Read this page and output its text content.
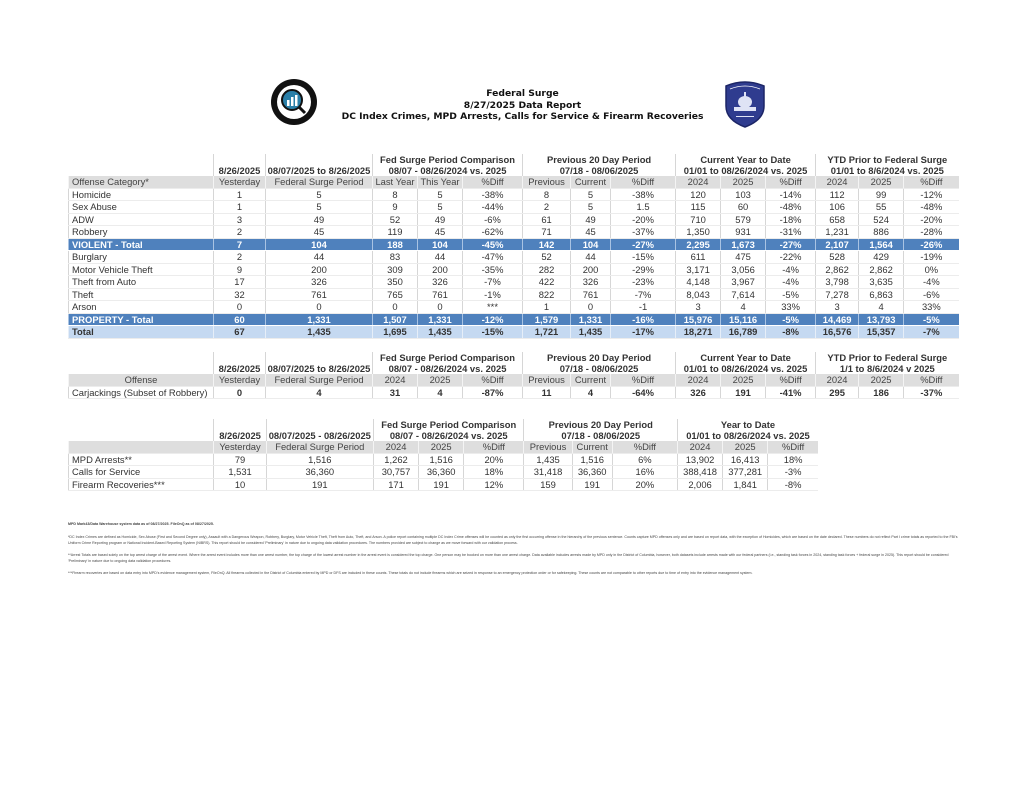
Federal Surge
8/27/2025 Data Report
DC Index Crimes, MPD Arrests, Calls for Service & Firearm Recoveries
			Fed Surge Period Comparison			Previous 20 Day Period			Current Year to Date			YTD Prior to Federal Surge		
	8/26/2025	08/07/2025 to 8/26/2025	08/07 - 08/26/2024 vs. 2025			07/18 - 08/06/2025			01/01 to 08/26/2024 vs. 2025			01/01 to 8/6/2024 vs. 2025		
Offense Category*	Yesterday	Federal Surge Period	Last Year	This Year	%Diff	Previous	Current	%Diff	2024	2025	%Diff	2024	2025	%Diff
Homicide	1	5	8	5	-38%	8	5	-38%	120	103	-14%	112	99	-12%
Sex Abuse	1	5	9	5	-44%	2	5	1.5	115	60	-48%	106	55	-48%
ADW	3	49	52	49	-6%	61	49	-20%	710	579	-18%	658	524	-20%
Robbery	2	45	119	45	-62%	71	45	-37%	1,350	931	-31%	1,231	886	-28%
VIOLENT - Total	7	104	188	104	-45%	142	104	-27%	2,295	1,673	-27%	2,107	1,564	-26%
Burglary	2	44	83	44	-47%	52	44	-15%	611	475	-22%	528	429	-19%
Motor Vehicle Theft	9	200	309	200	-35%	282	200	-29%	3,171	3,056	-4%	2,862	2,862	0%
Theft from Auto	17	326	350	326	-7%	422	326	-23%	4,148	3,967	-4%	3,798	3,635	-4%
Theft	32	761	765	761	-1%	822	761	-7%	8,043	7,614	-5%	7,278	6,863	-6%
Arson	0	0	0	0	***	1	0	-1	3	4	33%	3	4	33%
PROPERTY - Total	60	1,331	1,507	1,331	-12%	1,579	1,331	-16%	15,976	15,116	-5%	14,469	13,793	-5%
Total	67	1,435	1,695	1,435	-15%	1,721	1,435	-17%	18,271	16,789	-8%	16,576	15,357	-7%
			Fed Surge Period Comparison			Previous 20 Day Period			Current Year to Date			YTD Prior to Federal Surge		
	8/26/2025	08/07/2025 to 8/26/2025	08/07 - 08/26/2024 vs. 2025			07/18 - 08/06/2025			01/01 to 08/26/2024 vs. 2025			1/1 to 8/6/2024 v 2025		
Offense	Yesterday	Federal Surge Period	2024	2025	%Diff	Previous	Current	%Diff	2024	2025	%Diff	2024	2025	%Diff
Carjackings (Subset of Robbery)	0	4	31	4	-87%	11	4	-64%	326	191	-41%	295	186	-37%
			Fed Surge Period Comparison			Previous 20 Day Period			Year to Date		
	8/26/2025	08/07/2025 - 08/26/2025	08/07 - 08/26/2024 vs. 2025			07/18 - 08/06/2025			01/01 to 08/26/2024 vs. 2025		
	Yesterday	Federal Surge Period	2024	2025	%Diff	Previous	Current	%Diff	2024	2025	%Diff
MPD Arrests**	79	1,516	1,262	1,516	20%	1,435	1,516	6%	13,902	16,413	18%
Calls for Service	1,531	36,360	30,757	36,360	18%	31,418	36,360	16%	388,418	377,281	-3%
Firearm Recoveries***	10	191	171	191	12%	159	191	20%	2,006	1,841	-8%

MPD Mark43/Data Warehouse system data as of 08/27/2025. FileOnQ as of 08/27/2025.

*DC Index Crimes are defined as Homicide, Sex Abuse (First and Second Degree only), Assault with a Dangerous Weapon, Robbery, Burglary, Motor Vehicle Theft, Theft from Auto, Theft, and Arson. A police report containing multiple DC Index Crime offenses will be counted as only the first occurring offense in the hierarchy of the previous sentence. Counts capture MPD offenses only and are based on report data, with the exception of Homicides, which are based on the date declared. These numbers do not reflect Part I crime totals as reported to the FBI's Uniform Crime Reporting program or National Incident-Based Reporting System (NIBRS). This report should be considered 'Preliminary' in nature due to ongoing data validation procedures. The numbers provided are subject to change as we move forward with our validation process.

**Arrest Totals are based solely on the top arrest charge of the arrest event. Where the arrest event includes more than one arrest number, the top charge of the lowest arrest number in the arrest event is considered the top charge. One person may be booked on more than one arrest charge. Data available includes arrests made by MPD only in the District of Columbia, however, both datasets include arrests made with our federal partners (i.e., standing task forces in 2024, standing task forces + federal surge in 2025). This report should be considered 'Preliminary' in nature due to ongoing data validation procedures.

***Firearm recoveries are based on data entry into MPD's evidence management system, FileOnQ. All firearms collected in the District of Columbia entered by MPD or DFS are included in these counts. These totals do not include firearms which are seized in response to an emergency protection order or for safekeeping. These counts are not comparable to other reports due to time of entry into the evidence management system.
